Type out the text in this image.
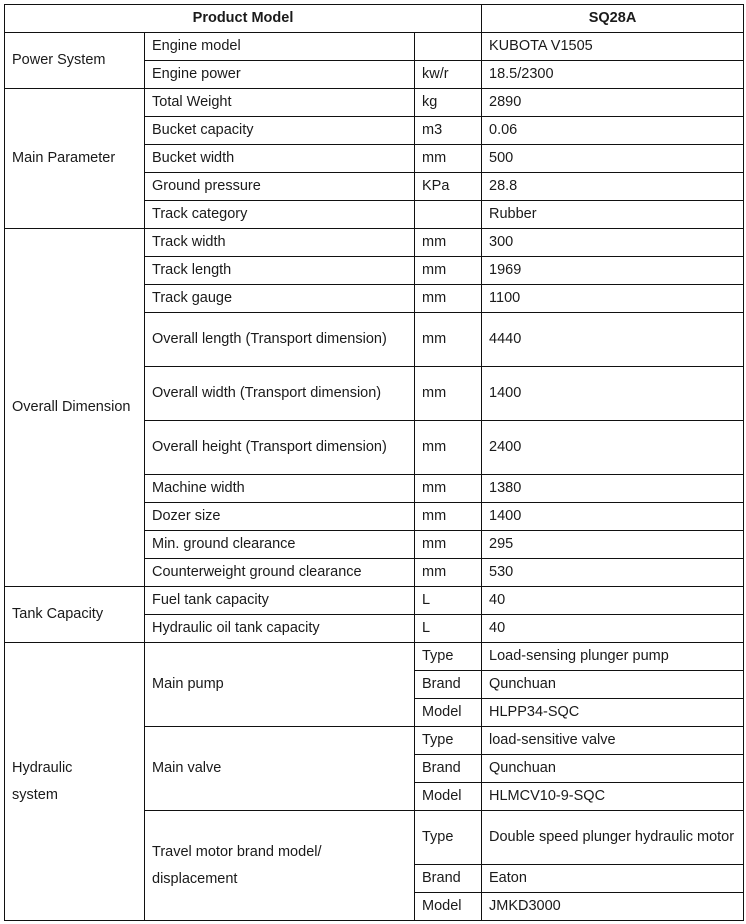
Product Model			SQ28A
Power System	Engine model		KUBOTA V1505
	Engine power	kw/r	18.5/2300
Main Parameter	Total Weight	kg	2890
	Bucket capacity	m3	0.06
	Bucket width	mm	500
	Ground pressure	KPa	28.8
	Track category		Rubber
Overall Dimension	Track width	mm	300
	Track length	mm	1969
	Track gauge	mm	1100
	Overall length (Transport dimension)	mm	4440
	Overall width (Transport dimension)	mm	1400
	Overall height (Transport dimension)	mm	2400
	Machine width	mm	1380
	Dozer size	mm	1400
	Min. ground clearance	mm	295
	Counterweight ground clearance	mm	530
Tank Capacity	Fuel tank capacity	L	40
	Hydraulic oil tank capacity	L	40
Hydraulic system	Main pump	Type	Load-sensing plunger pump
		Brand	Qunchuan
		Model	HLPP34-SQC
	Main valve	Type	load-sensitive valve
		Brand	Qunchuan
		Model	HLMCV10-9-SQC
	Travel motor brand model/ displacement	Type	Double speed plunger hydraulic motor
		Brand	Eaton
		Model	JMKD3000
